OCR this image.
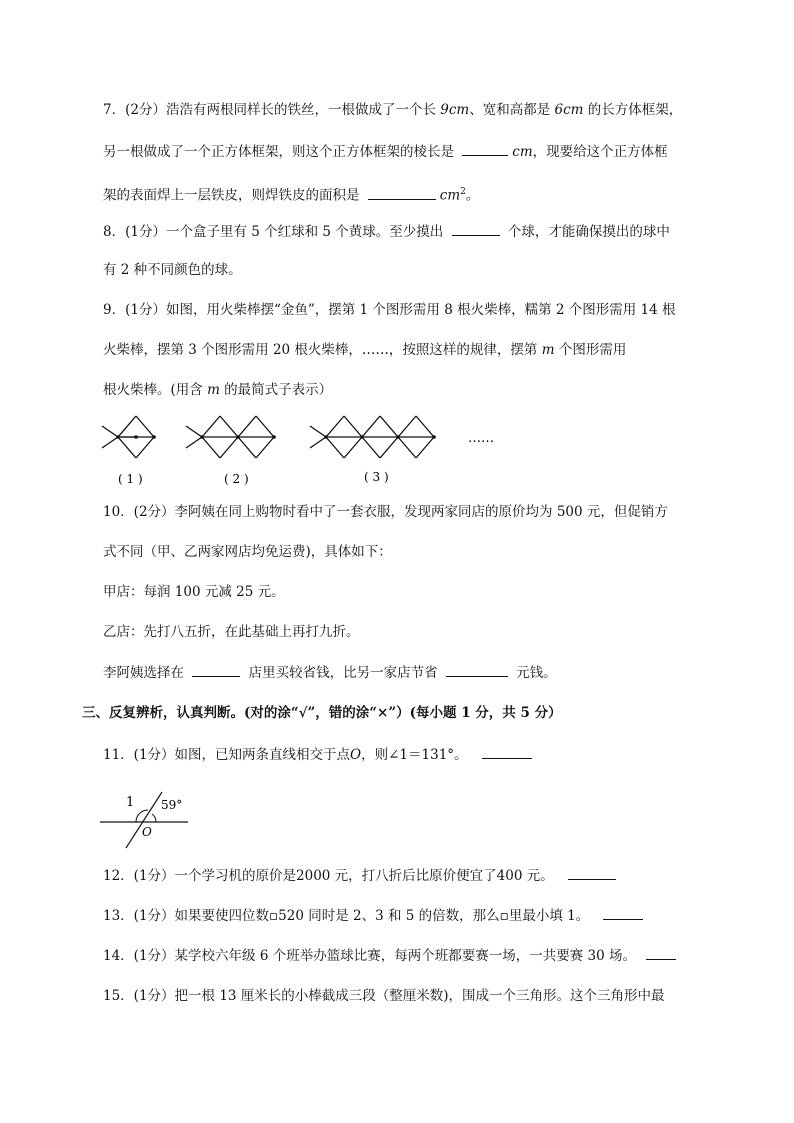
7．(2分）浩浩有两根同样长的铁丝，一根做成了一个长 9cm、宽和高都是 6cm 的长方体框架，
另一根做成了一个正方体框架，则这个正方体框架的棱长是	cm，现要给这个正方体框
架的表面焊上一层铁皮，则焊铁皮的面积是	$cm^2$。
8．(1分）一个盒子里有 5 个红球和 5 个黄球。至少摸出	个球，才能确保摸出的球中
有 2 种不同颜色的球。
9．(1分）如图，用火柴棒摆“金鱼”，摆第 1 个图形需用 8 根火柴棒，糯第 2 个图形需用 14 根
火柴棒，摆第 3 个图形需用 20 根火柴棒，……，按照这样的规律，摆第 m 个图形需用
根火柴棒。(用含 m 的最简式子表示）
……
( 1 )	( 2 )	( 3 )
10．(2分）李阿姨在同上购物时看中了一套衣服，发现两家同店的原价均为 500 元，但促销方
式不同（甲、乙两家网店均免运费)，具体如下：
甲店：每润 100 元减 25 元。
乙店：先打八五折，在此基础上再打九折。
李阿姨选择在	店里买较省钱，比另一家店节省	元钱。
三、反复辨析，认真判断。(对的涂“√”，错的涂“×”）(每小题 1 分，共 5 分）
11．(1分）如图，已知两条直线相交于点O，则∠1＝131°。
1 59°
O
12．(1分）一个学习机的原价是2000 元，打八折后比原价便宜了400 元。
13．(1分）如果要使四位数▫520 同时是 2、3 和 5 的倍数，那么▫里最小填 1。
14．(1分）某学校六年级 6 个班举办篮球比赛，每两个班都要赛一场，一共要赛 30 场。
15．(1分）把一根 13 厘米长的小棒截成三段（整厘米数)，围成一个三角形。这个三角形中最
